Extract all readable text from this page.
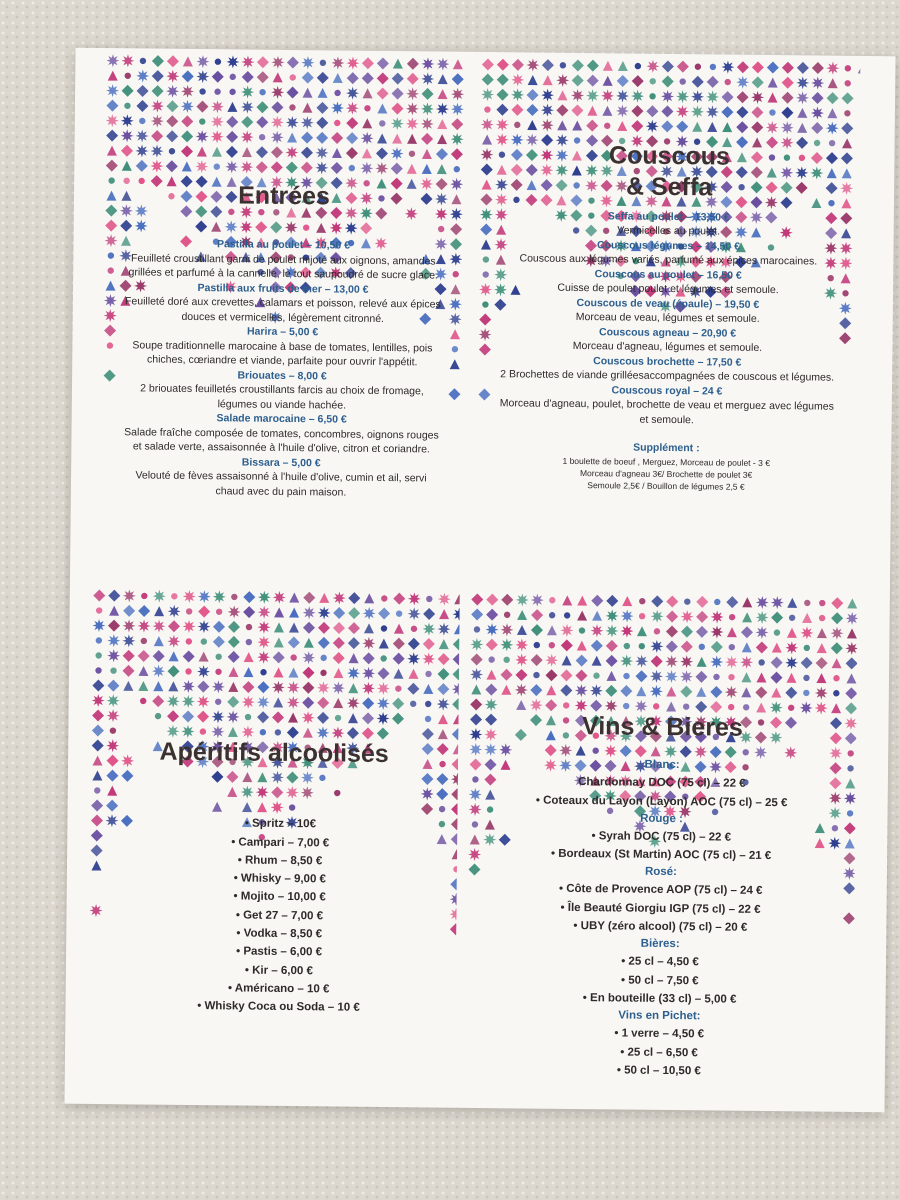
Entrées
Pastilla au poulet – 10,50 €
Feuilleté croustillant garni de poulet mijoté aux oignons, amandes grillées et parfumé à la cannelle, le tout saupoudré de sucre glace.
Pastilla aux fruits de mer – 13,00 €
Feuilleté doré aux crevettes, calamars et poisson, relevé aux épices douces et vermicelles, légèrement citronné.
Harira – 5,00 €
Soupe traditionnelle marocaine à base de tomates, lentilles, pois chiches, cœriandre et viande, parfaite pour ouvrir l'appétit.
Briouates – 8,00 €
2 briouates feuilletés croustillants farcis au choix de fromage, légumes ou viande hachée.
Salade marocaine – 6,50 €
Salade fraîche composée de tomates, concombres, oignons rouges et salade verte, assaisonnée à l'huile d'olive, citron et coriandre.
Bissara – 5,00 €
Velouté de fèves assaisonné à l'huile d'olive, cumin et ail, servi chaud avec du pain maison.
Couscous
& Seffa
Seffa au poulet – 13,50 €
Vermicelles au poulet.
Couscous légumes – 14,50 €
Couscous aux légumes variés, parfumé aux épices marocaines.
Couscous au poulet – 16,50 €
Cuisse de poulet poulet et légumes et semoule.
Couscous de veau (épaule) – 19,50 €
Morceau de veau, légumes et semoule.
Couscous agneau – 20,90 €
Morceau d'agneau, légumes et semoule.
Couscous brochette – 17,50 €
2 Brochettes de viande grilléesaccompagnées de couscous et légumes.
Couscous royal – 24 €
Morceau d'agneau, poulet, brochette de veau et merguez avec légumes et semoule.
Supplément :
1 boulette de boeuf , Merguez, Morceau de poulet - 3 €
Morceau d'agneau 3€/ Brochette de poulet 3€
Semoule 2,5€ / Bouillon de légumes 2,5 €
Apéritifs alcoolisés
• Spritz – 10€
• Campari – 7,00 €
• Rhum – 8,50 €
• Whisky – 9,00 €
• Mojito – 10,00 €
• Get 27 – 7,00 €
• Vodka – 8,50 €
• Pastis – 6,00 €
• Kir – 6,00 €
• Américano – 10 €
• Whisky Coca ou Soda – 10 €
Vins & Bieres
Blanc:
Chardonnay DOC (75 cl) – 22 €
• Coteaux du Layon (Layon) AOC (75 cl) – 25 €
Rouge :
• Syrah DOC (75 cl) – 22 €
• Bordeaux (St Martin) AOC (75 cl) – 21 €
Rosé:
• Côte de Provence AOP (75 cl) – 24 €
• Île Beauté Giorgiu IGP (75 cl) – 22 €
• UBY (zéro alcool) (75 cl) – 20 €
Bières:
• 25 cl – 4,50 €
• 50 cl – 7,50 €
• En bouteille (33 cl) – 5,00 €
Vins en Pichet:
• 1 verre – 4,50 €
• 25 cl – 6,50 €
• 50 cl – 10,50 €
